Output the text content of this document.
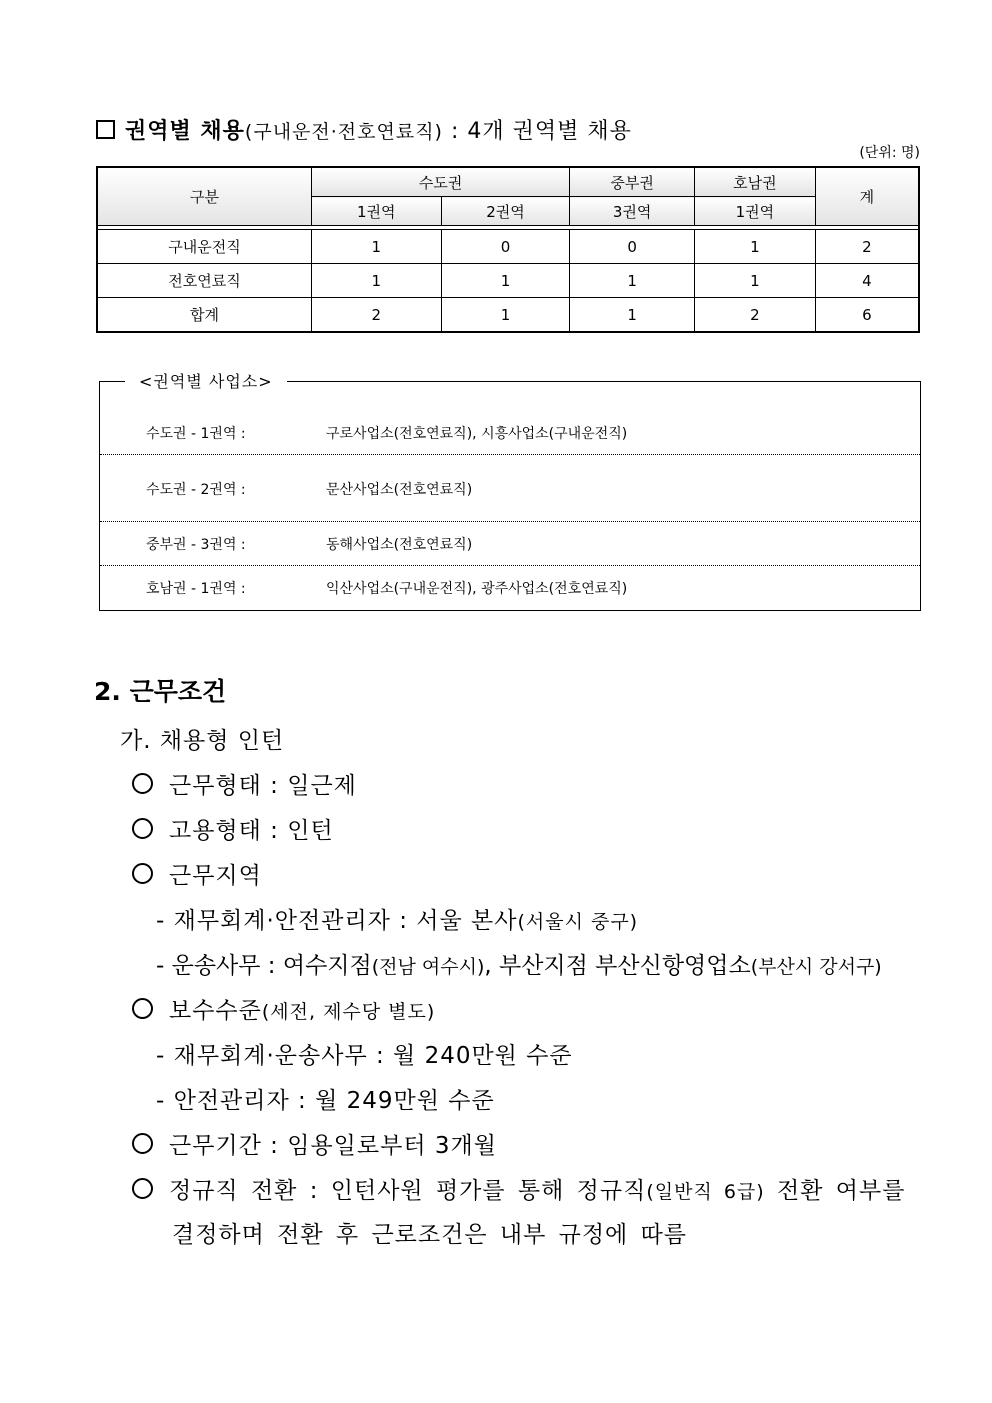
권역별 채용(구내운전·전호연료직) : 4개 권역별 채용
(단위: 명)
구분	수도권		중부권	호남권	계
	1권역	2권역	3권역	1권역	

구내운전직	1	0	0	1	2
전호연료직	1	1	1	1	4
합계	2	1	1	2	6
수도권 - 1권역 :	구로사업소(전호연료직), 시흥사업소(구내운전직)
수도권 - 2권역 :	문산사업소(전호연료직)
중부권 - 3권역 :	동해사업소(전호연료직)
호남권 - 1권역 :	익산사업소(구내운전직), 광주사업소(전호연료직)
<권역별 사업소>
2. 근무조건
가. 채용형 인턴
근무형태 : 일근제
고용형태 : 인턴
근무지역
- 재무회계·안전관리자 : 서울 본사(서울시 중구)
- 운송사무 : 여수지점(전남 여수시), 부산지점 부산신항영업소(부산시 강서구)
보수수준(세전, 제수당 별도)
- 재무회계·운송사무 : 월 240만원 수준
- 안전관리자 : 월 249만원 수준
근무기간 : 임용일로부터 3개월
정규직 전환 : 인턴사원 평가를 통해 정규직(일반직 6급) 전환 여부를
결정하며 전환 후 근로조건은 내부 규정에 따름
